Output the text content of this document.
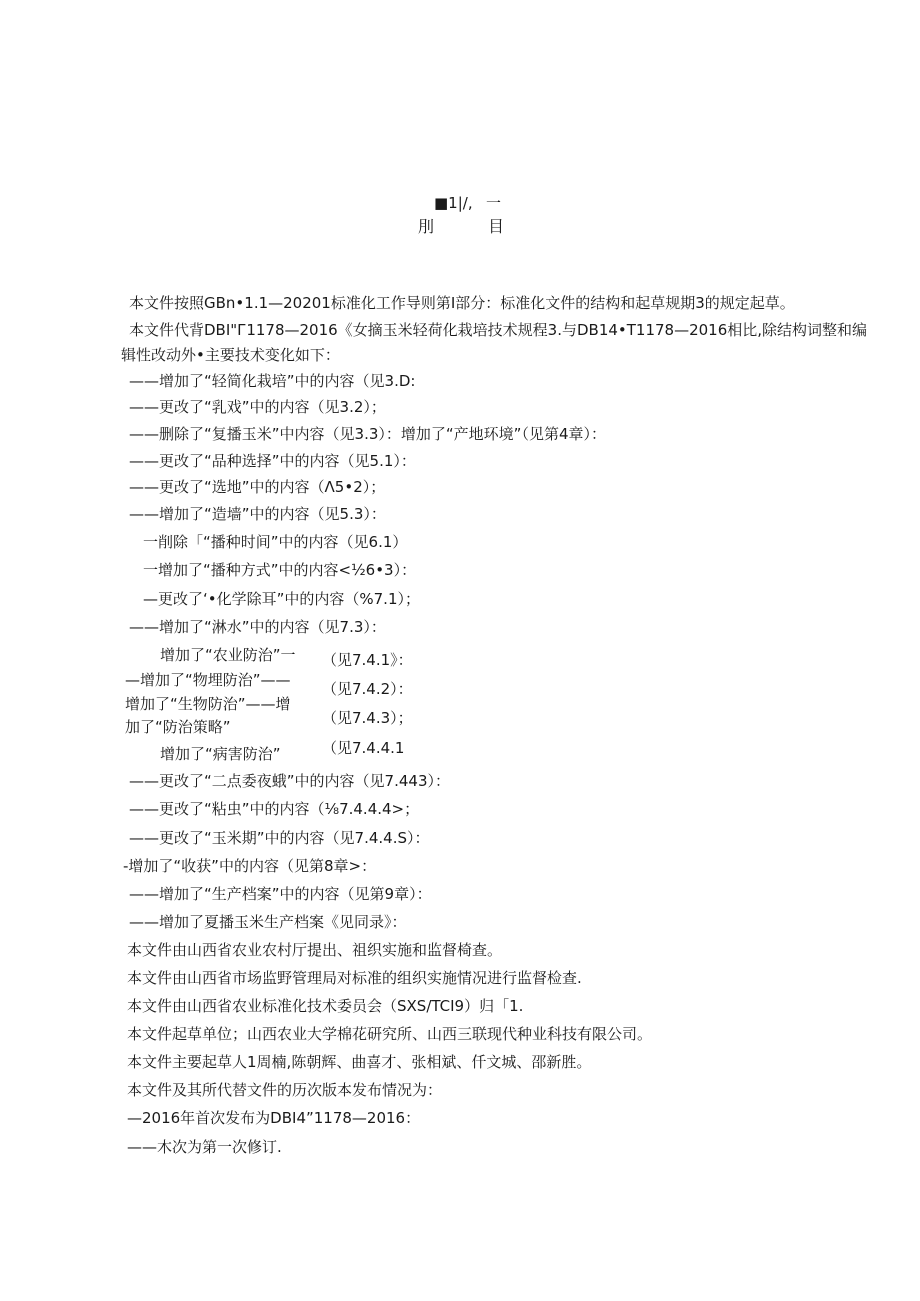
■1|/, 一
刖	目
本文件按照GBn•1.1—20201标准化工作导则第I部分：标准化文件的结构和起草规期3的规定起草。
本文件代背DBI"Г1178—2016《女摘玉米轻荷化栽培技术规程3.与DB14•T1178—2016相比,除结构词整和编
辑性改动外•主要技术变化如下：
——增加了“轻简化栽培”中的内容（见3.D:
——更改了“乳戏”中的内容（见3.2）；
——删除了“复播玉米”中内容（见3.3）：增加了“产地环境”（见第4章）：
——更改了“品种选择”中的内容（见5.1）：
——更改了“选地”中的内容（Λ5•2）；
——增加了“造墙”中的内容（见5.3）：
一削除「“播种时间”中的内容（见6.1）
一增加了“播种方式”中的内容<½6•3）：
—更改了‘•化学除耳”中的内容（%7.1）；
——增加了“淋水”中的内容（见7.3）：
增加了“农业防治”一
—增加了“物埋防治”——
增加了“生物防治”——增
加了“防治策略”
增加了“病害防治”
（见7.4.1》：
（见7.4.2）：
（见7.4.3）；
（见7.4.4.1
——更改了“二点委夜蛾”中的内容（见7.443）：
——更改了“粘虫”中的内容（⅛7.4.4.4>；
——更改了“玉米期”中的内容（见7.4.4.S）：
-增加了“收获”中的内容（见第8章>：
——增加了“生产档案”中的内容（见第9章）：
——增加了夏播玉米生产档案《见同录》：
本文件由山西省农业农村厅提出、祖织实施和监督椅查。
本文件由山西省市场监野管理局对标准的组织实施情况进行监督检查.
本文件由山西省农业标准化技术委员会（SXS/TCI9）归「1.
本文件起草单位；山西农业大学棉花研究所、山西三联现代种业科技有限公司。
本文件主要起草人1周楠,陈朝辉、曲喜才、张相斌、仟文城、邵新胜。
本文件及其所代替文件的历次版本发布情况为：
—2016年首次发布为DBI4”1178—2016：
——木次为第一次修订.
